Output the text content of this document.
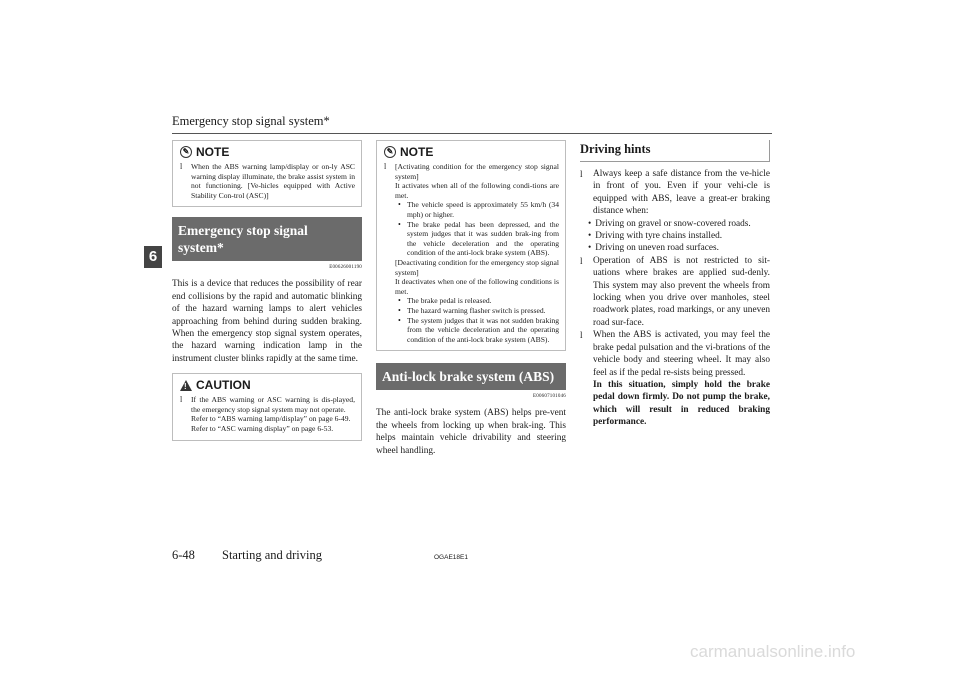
Emergency stop signal system*
6
✎ NOTE
l	When the ABS warning lamp/display or on-ly ASC warning display illuminate, the brake assist system in not functioning. [Ve-hicles equipped with Active Stability Con-trol (ASC)]
Emergency stop signal system*
E00626001190
This is a device that reduces the possibility of rear end collisions by the rapid and automatic blinking of the hazard warning lamps to alert vehicles approaching from behind during sudden braking. When the emergency stop signal system operates, the hazard warning indication lamp in the instrument cluster blinks rapidly at the same time.
! CAUTION
l	If the ABS warning or ASC warning is dis-played, the emergency stop signal system may not operate.
Refer to “ABS warning lamp/display” on page 6-49.
Refer to “ASC warning display” on page 6-53.
✎ NOTE
l	[Activating condition for the emergency stop signal system]
It activates when all of the following condi-tions are met.
• The vehicle speed is approximately 55 km/h (34 mph) or higher.
• The brake pedal has been depressed, and the system judges that it was sudden brak-ing from the vehicle deceleration and the operating condition of the anti-lock brake system (ABS).
[Deactivating condition for the emergency stop signal system]
It deactivates when one of the following conditions is met.
• The brake pedal is released.
• The hazard warning flasher switch is pressed.
• The system judges that it was not sudden braking from the vehicle deceleration and the operating condition of the anti-lock brake system (ABS).
Anti-lock brake system (ABS)
E00607101046
The anti-lock brake system (ABS) helps pre-vent the wheels from locking up when brak-ing. This helps maintain vehicle drivability and steering wheel handling.
Driving hints
l	Always keep a safe distance from the ve-hicle in front of you. Even if your vehi-cle is equipped with ABS, leave a great-er braking distance when:
• Driving on gravel or snow-covered roads.
• Driving with tyre chains installed.
• Driving on uneven road surfaces.
l	Operation of ABS is not restricted to sit-uations where brakes are applied sud-denly. This system may also prevent the wheels from locking when you drive over manholes, steel roadwork plates, road markings, or any uneven road sur-face.
l	When the ABS is activated, you may feel the brake pedal pulsation and the vi-brations of the vehicle body and steering wheel. It may also feel as if the pedal re-sists being pressed.
In this situation, simply hold the brake pedal down firmly. Do not pump the brake, which will result in reduced braking performance.
6-48 Starting and driving	OGAE18E1
carmanualsonline.info
